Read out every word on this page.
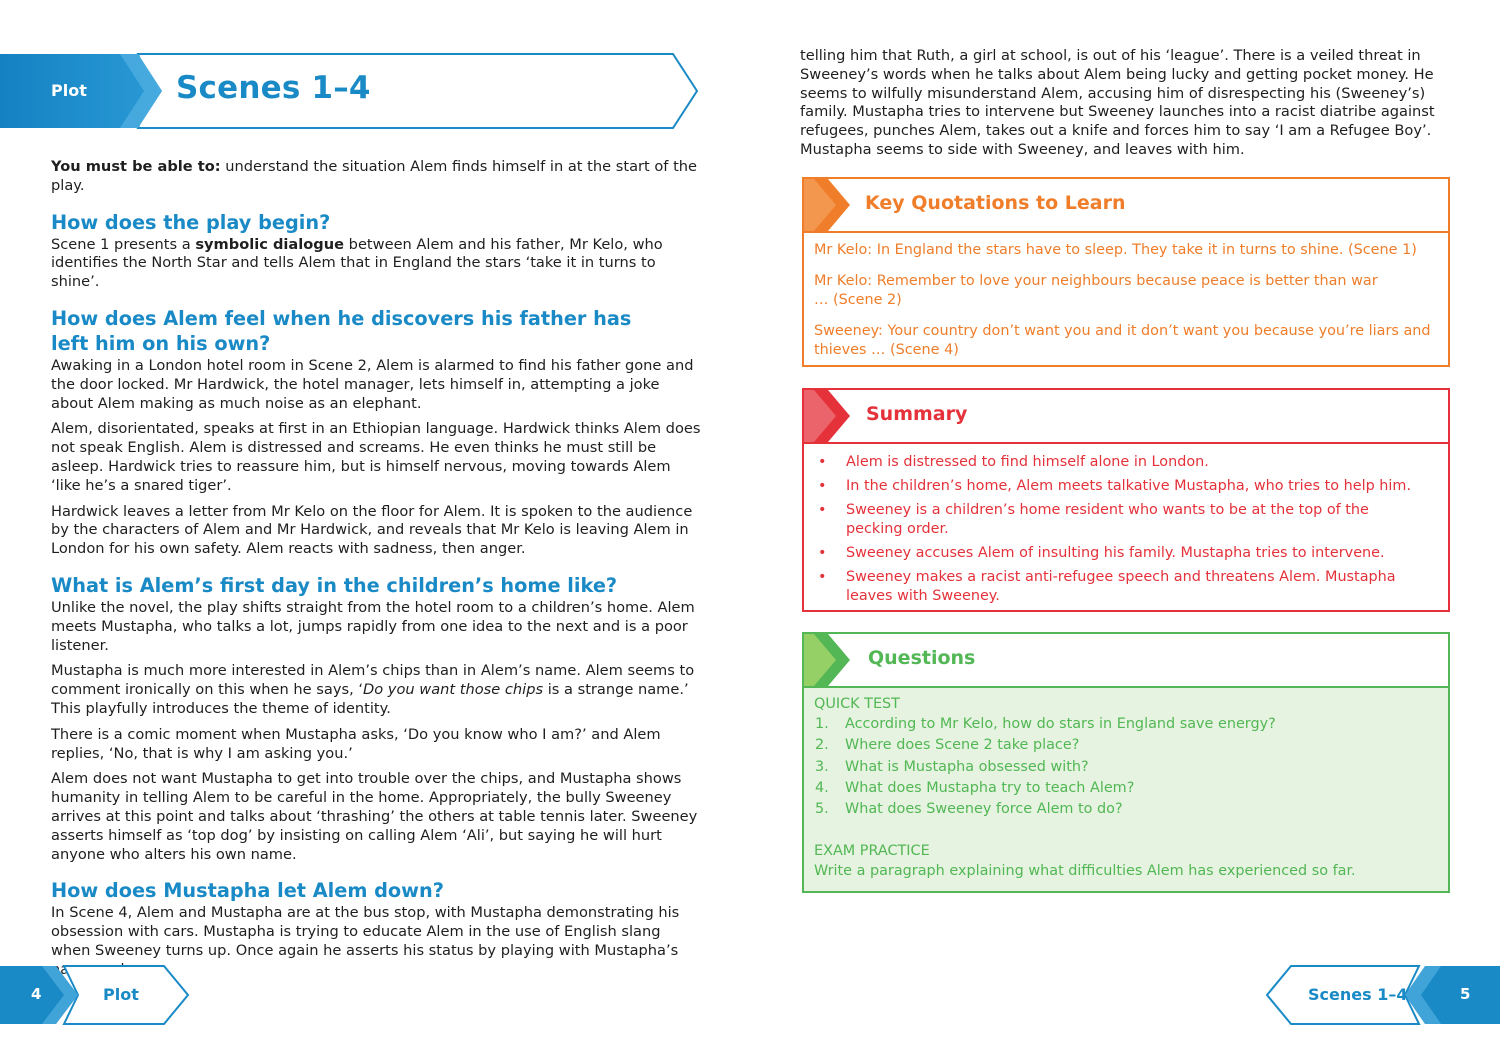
Plot	Scenes 1–4

You must be able to: understand the situation Alem finds himself in at the start of the play.

How does the play begin?

Scene 1 presents a symbolic dialogue between Alem and his father, Mr Kelo, who identifies the North Star and tells Alem that in England the stars ‘take it in turns to shine’.

How does Alem feel when he discovers his father has left him on his own?

Awaking in a London hotel room in Scene 2, Alem is alarmed to find his father gone and the door locked. Mr Hardwick, the hotel manager, lets himself in, attempting a joke about Alem making as much noise as an elephant.

Alem, disorientated, speaks at first in an Ethiopian language. Hardwick thinks Alem does not speak English. Alem is distressed and screams. He even thinks he must still be asleep. Hardwick tries to reassure him, but is himself nervous, moving towards Alem ‘like he’s a snared tiger’.

Hardwick leaves a letter from Mr Kelo on the floor for Alem. It is spoken to the audience by the characters of Alem and Mr Hardwick, and reveals that Mr Kelo is leaving Alem in London for his own safety. Alem reacts with sadness, then anger.

What is Alem’s first day in the children’s home like?

Unlike the novel, the play shifts straight from the hotel room to a children’s home. Alem meets Mustapha, who talks a lot, jumps rapidly from one idea to the next and is a poor listener.

Mustapha is much more interested in Alem’s chips than in Alem’s name. Alem seems to comment ironically on this when he says, ‘Do you want those chips is a strange name.’ This playfully introduces the theme of identity.

There is a comic moment when Mustapha asks, ‘Do you know who I am?’ and Alem replies, ‘No, that is why I am asking you.’

Alem does not want Mustapha to get into trouble over the chips, and Mustapha shows humanity in telling Alem to be careful in the home. Appropriately, the bully Sweeney arrives at this point and talks about ‘thrashing’ the others at table tennis later. Sweeney asserts himself as ‘top dog’ by insisting on calling Alem ‘Ali’, but saying he will hurt anyone who alters his own name.

How does Mustapha let Alem down?

In Scene 4, Alem and Mustapha are at the bus stop, with Mustapha demonstrating his obsession with cars. Mustapha is trying to educate Alem in the use of English slang when Sweeney turns up. Once again he asserts his status by playing with Mustapha’s

telling him that Ruth, a girl at school, is out of his ‘league’. There is a veiled threat in Sweeney’s words when he talks about Alem being lucky and getting pocket money. He seems to wilfully misunderstand Alem, accusing him of disrespecting his (Sweeney’s) family. Mustapha tries to intervene but Sweeney launches into a racist diatribe against refugees, punches Alem, takes out a knife and forces him to say ‘I am a Refugee Boy’. Mustapha seems to side with Sweeney, and leaves with him.

Key Quotations to Learn
Mr Kelo: In England the stars have to sleep. They take it in turns to shine. (Scene 1)
Mr Kelo: Remember to love your neighbours because peace is better than war … (Scene 2)
Sweeney: Your country don’t want you and it don’t want you because you’re liars and thieves … (Scene 4)
Summary
• Alem is distressed to find himself alone in London.
• In the children’s home, Alem meets talkative Mustapha, who tries to help him.
• Sweeney is a children’s home resident who wants to be at the top of the pecking order.
• Sweeney accuses Alem of insulting his family. Mustapha tries to intervene.
• Sweeney makes a racist anti-refugee speech and threatens Alem. Mustapha leaves with Sweeney.
Questions
QUICK TEST
1. According to Mr Kelo, how do stars in England save energy?
2. Where does Scene 2 take place?
3. What is Mustapha obsessed with?
4. What does Mustapha try to teach Alem?
5. What does Sweeney force Alem to do?
EXAM PRACTICE
Write a paragraph explaining what difficulties Alem has experienced so far.
4	Plot	Scenes 1–4	5
